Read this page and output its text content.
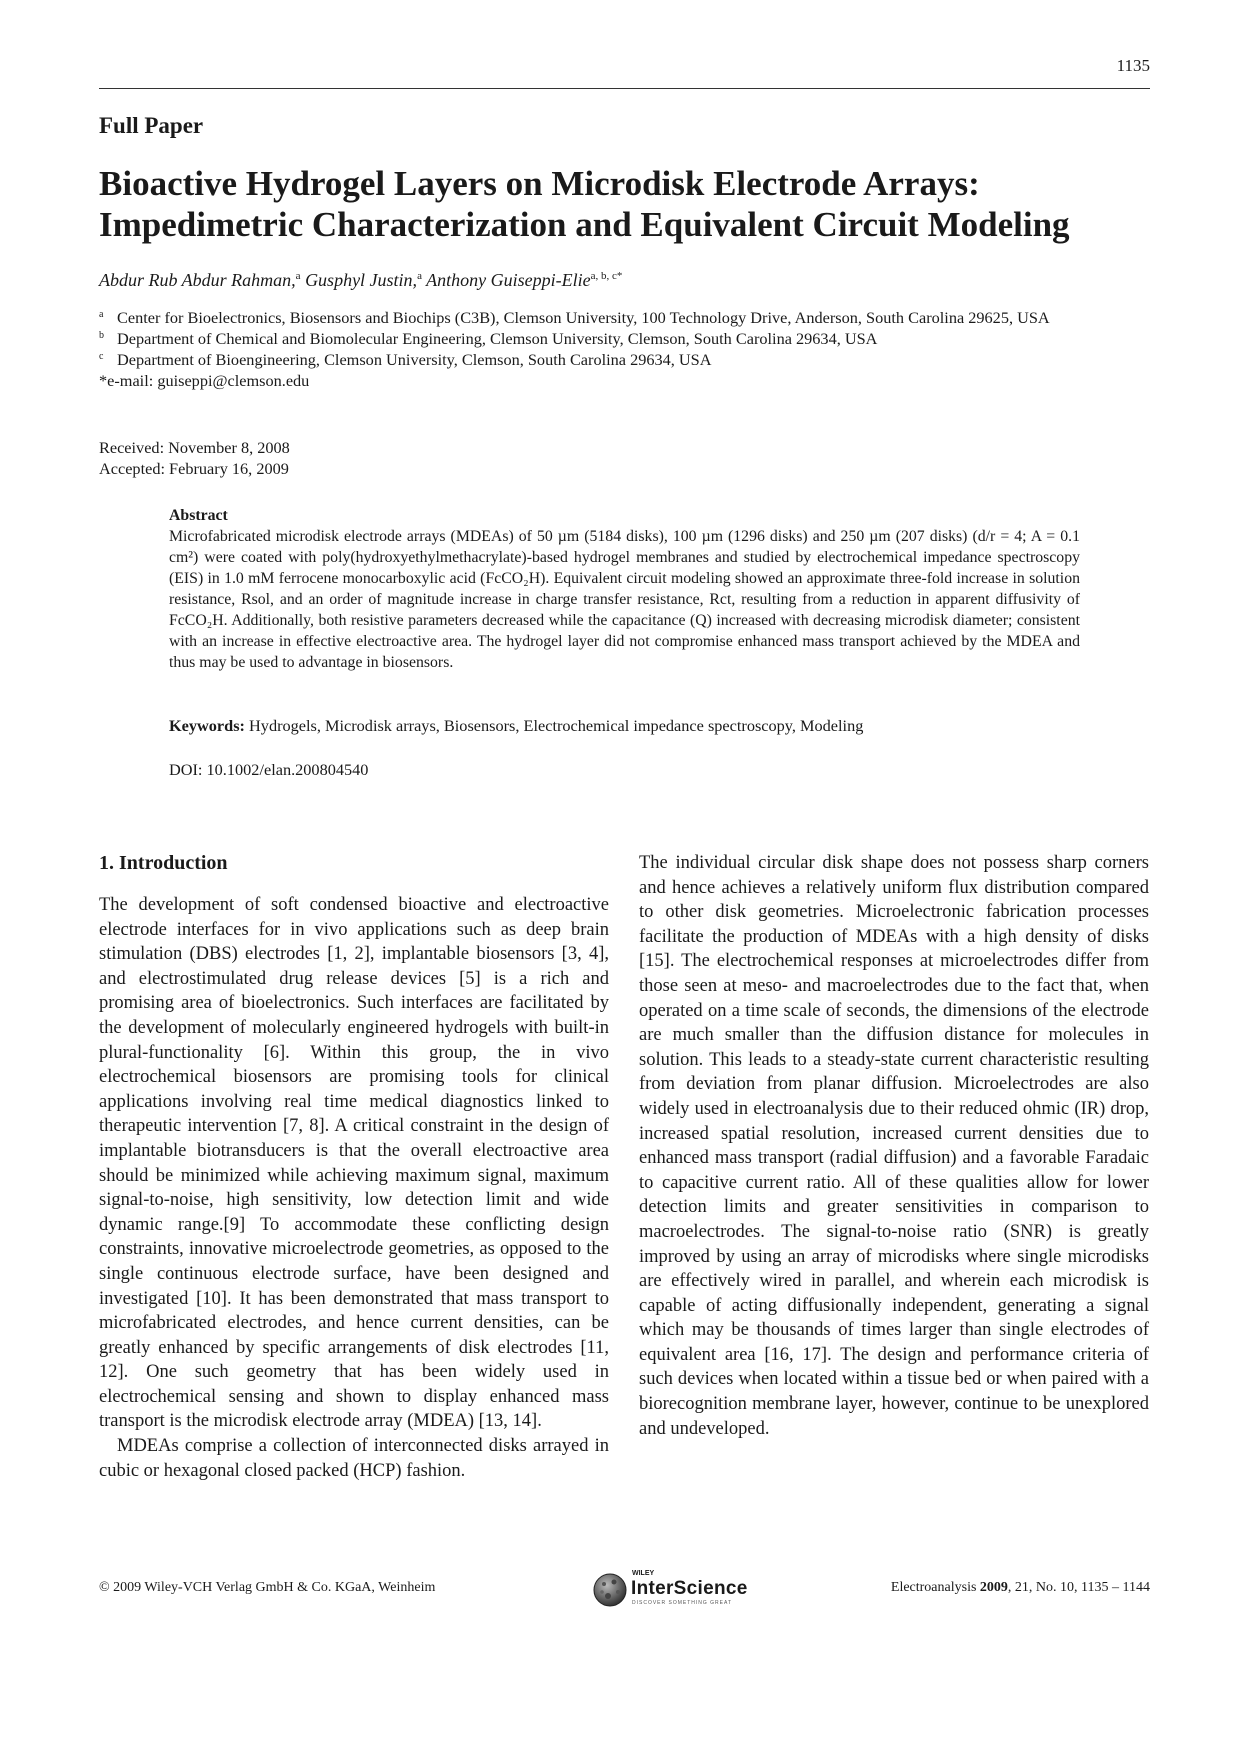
1135
Full Paper
Bioactive Hydrogel Layers on Microdisk Electrode Arrays: Impedimetric Characterization and Equivalent Circuit Modeling
Abdur Rub Abdur Rahman,$^a$ Gusphyl Justin,$^a$ Anthony Guiseppi-Elie$^{a, b, c*}$
a Center for Bioelectronics, Biosensors and Biochips (C3B), Clemson University, 100 Technology Drive, Anderson, South Carolina 29625, USA
b Department of Chemical and Biomolecular Engineering, Clemson University, Clemson, South Carolina 29634, USA
c Department of Bioengineering, Clemson University, Clemson, South Carolina 29634, USA
*e-mail: guiseppi@clemson.edu
Received: November 8, 2008
Accepted: February 16, 2009
Abstract
Microfabricated microdisk electrode arrays (MDEAs) of 50 µm (5184 disks), 100 µm (1296 disks) and 250 µm (207 disks) (d/r = 4; A = 0.1 cm²) were coated with poly(hydroxyethylmethacrylate)-based hydrogel membranes and studied by electrochemical impedance spectroscopy (EIS) in 1.0 mM ferrocene monocarboxylic acid (FcCO₂H). Equivalent circuit modeling showed an approximate three-fold increase in solution resistance, Rsol, and an order of magnitude increase in charge transfer resistance, Rct, resulting from a reduction in apparent diffusivity of FcCO₂H. Additionally, both resistive parameters decreased while the capacitance (Q) increased with decreasing microdisk diameter; consistent with an increase in effective electroactive area. The hydrogel layer did not compromise enhanced mass transport achieved by the MDEA and thus may be used to advantage in biosensors.
Keywords: Hydrogels, Microdisk arrays, Biosensors, Electrochemical impedance spectroscopy, Modeling
DOI: 10.1002/elan.200804540
1. Introduction

The development of soft condensed bioactive and electroactive electrode interfaces for in vivo applications such as deep brain stimulation (DBS) electrodes [1, 2], implantable biosensors [3, 4], and electrostimulated drug release devices [5] is a rich and promising area of bioelectronics. Such interfaces are facilitated by the development of molecularly engineered hydrogels with built-in plural-functionality [6]. Within this group, the in vivo electrochemical biosensors are promising tools for clinical applications involving real time medical diagnostics linked to therapeutic intervention [7, 8]. A critical constraint in the design of implantable biotransducers is that the overall electroactive area should be minimized while achieving maximum signal, maximum signal-to-noise, high sensitivity, low detection limit and wide dynamic range.[9] To accommodate these conflicting design constraints, innovative microelectrode geometries, as opposed to the single continuous electrode surface, have been designed and investigated [10]. It has been demonstrated that mass transport to microfabricated electrodes, and hence current densities, can be greatly enhanced by specific arrangements of disk electrodes [11, 12]. One such geometry that has been widely used in electrochemical sensing and shown to display enhanced mass transport is the microdisk electrode array (MDEA) [13, 14].

MDEAs comprise a collection of interconnected disks arrayed in cubic or hexagonal closed packed (HCP) fashion.

The individual circular disk shape does not possess sharp corners and hence achieves a relatively uniform flux distribution compared to other disk geometries. Microelectronic fabrication processes facilitate the production of MDEAs with a high density of disks [15]. The electrochemical responses at microelectrodes differ from those seen at meso- and macroelectrodes due to the fact that, when operated on a time scale of seconds, the dimensions of the electrode are much smaller than the diffusion distance for molecules in solution. This leads to a steady-state current characteristic resulting from deviation from planar diffusion. Microelectrodes are also widely used in electroanalysis due to their reduced ohmic (IR) drop, increased spatial resolution, increased current densities due to enhanced mass transport (radial diffusion) and a favorable Faradaic to capacitive current ratio. All of these qualities allow for lower detection limits and greater sensitivities in comparison to macroelectrodes. The signal-to-noise ratio (SNR) is greatly improved by using an array of microdisks where single microdisks are effectively wired in parallel, and wherein each microdisk is capable of acting diffusionally independent, generating a signal which may be thousands of times larger than single electrodes of equivalent area [16, 17]. The design and performance criteria of such devices when located within a tissue bed or when paired with a biorecognition membrane layer, however, continue to be unexplored and undeveloped.

© 2009 Wiley-VCH Verlag GmbH & Co. KGaA, Weinheim
WILEY
InterScience
DISCOVER SOMETHING GREAT
Electroanalysis 2009, 21, No. 10, 1135 – 1144
